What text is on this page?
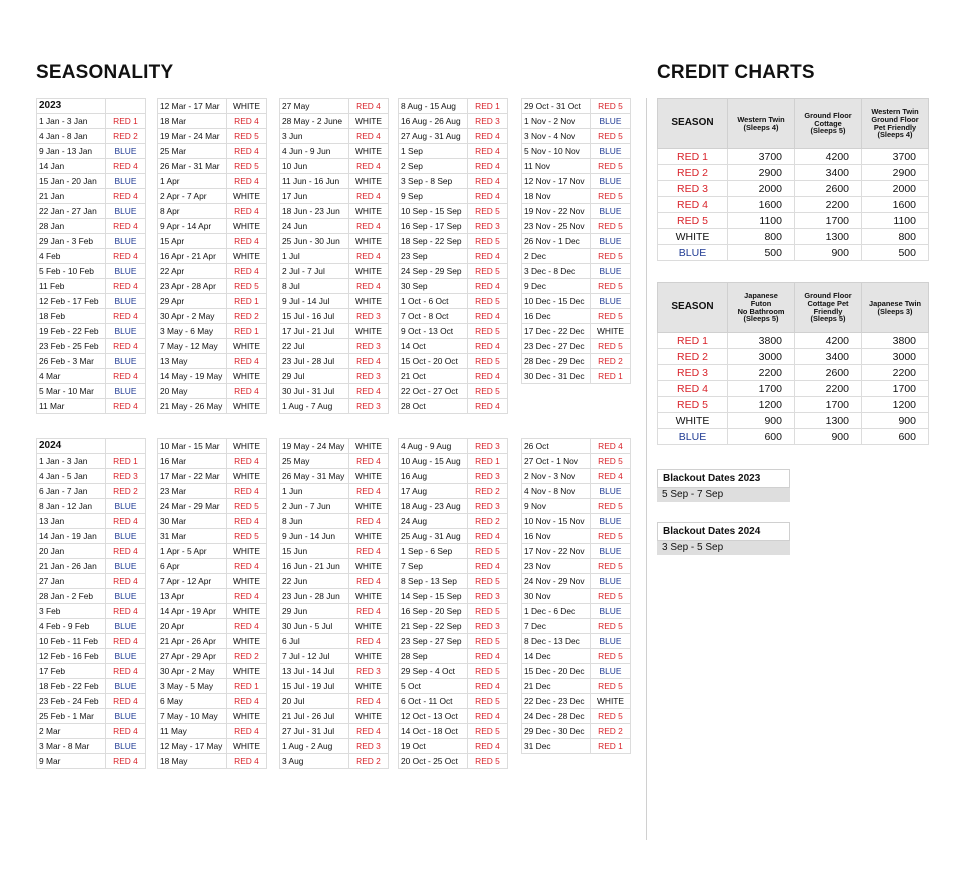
SEASONALITY	CREDIT CHARTS
2023	
1 Jan - 3 Jan	RED 1
4 Jan - 8 Jan	RED 2
9 Jan - 13 Jan	BLUE
14 Jan	RED 4
15 Jan - 20 Jan	BLUE
21 Jan	RED 4
22 Jan - 27 Jan	BLUE
28 Jan	RED 4
29 Jan - 3 Feb	BLUE
4 Feb	RED 4
5 Feb - 10 Feb	BLUE
11 Feb	RED 4
12 Feb - 17 Feb	BLUE
18 Feb	RED 4
19 Feb - 22 Feb	BLUE
23 Feb - 25 Feb	RED 4
26 Feb - 3 Mar	BLUE
4 Mar	RED 4
5 Mar - 10 Mar	BLUE
11 Mar	RED 4
12 Mar - 17 Mar	WHITE
18 Mar	RED 4
19 Mar - 24 Mar	RED 5
25 Mar	RED 4
26 Mar - 31 Mar	RED 5
1 Apr	RED 4
2 Apr - 7 Apr	WHITE
8 Apr	RED 4
9 Apr - 14 Apr	WHITE
15 Apr	RED 4
16 Apr - 21 Apr	WHITE
22 Apr	RED 4
23 Apr - 28 Apr	RED 5
29 Apr	RED 1
30 Apr - 2 May	RED 2
3 May - 6 May	RED 1
7 May - 12 May	WHITE
13 May	RED 4
14 May - 19 May	WHITE
20 May	RED 4
21 May - 26 May	WHITE
27 May	RED 4
28 May - 2 June	WHITE
3 Jun	RED 4
4 Jun - 9 Jun	WHITE
10 Jun	RED 4
11 Jun - 16 Jun	WHITE
17 Jun	RED 4
18 Jun - 23 Jun	WHITE
24 Jun	RED 4
25 Jun - 30 Jun	WHITE
1 Jul	RED 4
2 Jul - 7 Jul	WHITE
8 Jul	RED 4
9 Jul - 14 Jul	WHITE
15 Jul - 16 Jul	RED 3
17 Jul - 21 Jul	WHITE
22 Jul	RED 3
23 Jul - 28 Jul	RED 4
29 Jul	RED 3
30 Jul - 31 Jul	RED 4
1 Aug - 7 Aug	RED 3
8 Aug - 15 Aug	RED 1
16 Aug - 26 Aug	RED 3
27 Aug - 31 Aug	RED 4
1 Sep	RED 4
2 Sep	RED 4
3 Sep - 8 Sep	RED 4
9 Sep	RED 4
10 Sep - 15 Sep	RED 5
16 Sep - 17 Sep	RED 3
18 Sep - 22 Sep	RED 5
23 Sep	RED 4
24 Sep - 29 Sep	RED 5
30 Sep	RED 4
1 Oct - 6 Oct	RED 5
7 Oct - 8 Oct	RED 4
9 Oct - 13 Oct	RED 5
14 Oct	RED 4
15 Oct - 20 Oct	RED 5
21 Oct	RED 4
22 Oct - 27 Oct	RED 5
28 Oct	RED 4
29 Oct - 31 Oct	RED 5
1 Nov - 2 Nov	BLUE
3 Nov - 4 Nov	RED 5
5 Nov - 10 Nov	BLUE
11 Nov	RED 5
12 Nov - 17 Nov	BLUE
18 Nov	RED 5
19 Nov - 22 Nov	BLUE
23 Nov - 25 Nov	RED 5
26 Nov - 1 Dec	BLUE
2 Dec	RED 5
3 Dec - 8 Dec	BLUE
9 Dec	RED 5
10 Dec - 15 Dec	BLUE
16 Dec	RED 5
17 Dec - 22 Dec	WHITE
23 Dec - 27 Dec	RED 5
28 Dec - 29 Dec	RED 2
30 Dec - 31 Dec	RED 1
2024	
1 Jan - 3 Jan	RED 1
4 Jan - 5 Jan	RED 3
6 Jan - 7 Jan	RED 2
8 Jan - 12 Jan	BLUE
13 Jan	RED 4
14 Jan - 19 Jan	BLUE
20 Jan	RED 4
21 Jan - 26 Jan	BLUE
27 Jan	RED 4
28 Jan - 2 Feb	BLUE
3 Feb	RED 4
4 Feb - 9 Feb	BLUE
10 Feb - 11 Feb	RED 4
12 Feb - 16 Feb	BLUE
17 Feb	RED 4
18 Feb - 22 Feb	BLUE
23 Feb - 24 Feb	RED 4
25 Feb - 1 Mar	BLUE
2 Mar	RED 4
3 Mar - 8 Mar	BLUE
9 Mar	RED 4
10 Mar - 15 Mar	WHITE
16 Mar	RED 4
17 Mar - 22 Mar	WHITE
23 Mar	RED 4
24 Mar - 29 Mar	RED 5
30 Mar	RED 4
31 Mar	RED 5
1 Apr - 5 Apr	WHITE
6 Apr	RED 4
7 Apr - 12 Apr	WHITE
13 Apr	RED 4
14 Apr - 19 Apr	WHITE
20 Apr	RED 4
21 Apr - 26 Apr	WHITE
27 Apr - 29 Apr	RED 2
30 Apr - 2 May	WHITE
3 May - 5 May	RED 1
6 May	RED 4
7 May - 10 May	WHITE
11 May	RED 4
12 May - 17 May	WHITE
18 May	RED 4
19 May - 24 May	WHITE
25 May	RED 4
26 May - 31 May	WHITE
1 Jun	RED 4
2 Jun - 7 Jun	WHITE
8 Jun	RED 4
9 Jun - 14 Jun	WHITE
15 Jun	RED 4
16 Jun - 21 Jun	WHITE
22 Jun	RED 4
23 Jun - 28 Jun	WHITE
29 Jun	RED 4
30 Jun - 5 Jul	WHITE
6 Jul	RED 4
7 Jul - 12 Jul	WHITE
13 Jul - 14 Jul	RED 3
15 Jul - 19 Jul	WHITE
20 Jul	RED 4
21 Jul - 26 Jul	WHITE
27 Jul - 31 Jul	RED 4
1 Aug - 2 Aug	RED 3
3 Aug	RED 2
4 Aug - 9 Aug	RED 3
10 Aug - 15 Aug	RED 1
16 Aug	RED 3
17 Aug	RED 2
18 Aug - 23 Aug	RED 3
24 Aug	RED 2
25 Aug - 31 Aug	RED 4
1 Sep - 6 Sep	RED 5
7 Sep	RED 4
8 Sep - 13 Sep	RED 5
14 Sep - 15 Sep	RED 3
16 Sep - 20 Sep	RED 5
21 Sep - 22 Sep	RED 3
23 Sep - 27 Sep	RED 5
28 Sep	RED 4
29 Sep - 4 Oct	RED 5
5 Oct	RED 4
6 Oct - 11 Oct	RED 5
12 Oct - 13 Oct	RED 4
14 Oct - 18 Oct	RED 5
19 Oct	RED 4
20 Oct - 25 Oct	RED 5
26 Oct	RED 4
27 Oct - 1 Nov	RED 5
2 Nov - 3 Nov	RED 4
4 Nov - 8 Nov	BLUE
9 Nov	RED 5
10 Nov - 15 Nov	BLUE
16 Nov	RED 5
17 Nov - 22 Nov	BLUE
23 Nov	RED 5
24 Nov - 29 Nov	BLUE
30 Nov	RED 5
1 Dec - 6 Dec	BLUE
7 Dec	RED 5
8 Dec - 13 Dec	BLUE
14 Dec	RED 5
15 Dec - 20 Dec	BLUE
21 Dec	RED 5
22 Dec - 23 Dec	WHITE
24 Dec - 28 Dec	RED 5
29 Dec - 30 Dec	RED 2
31 Dec	RED 1
SEASON	Western Twin
(Sleeps 4)	Ground Floor
Cottage
(Sleeps 5)	Western Twin
Ground Floor
Pet Friendly
(Sleeps 4)
RED 1	3700	4200	3700
RED 2	2900	3400	2900
RED 3	2000	2600	2000
RED 4	1600	2200	1600
RED 5	1100	1700	1100
WHITE	800	1300	800
BLUE	500	900	500
SEASON	Japanese
Futon
No Bathroom
(Sleeps 5)	Ground Floor
Cottage Pet
Friendly
(Sleeps 5)	Japanese Twin
(Sleeps 3)
RED 1	3800	4200	3800
RED 2	3000	3400	3000
RED 3	2200	2600	2200
RED 4	1700	2200	1700
RED 5	1200	1700	1200
WHITE	900	1300	900
BLUE	600	900	600
Blackout Dates 2023
5 Sep - 7 Sep
Blackout Dates 2024
3 Sep - 5 Sep
